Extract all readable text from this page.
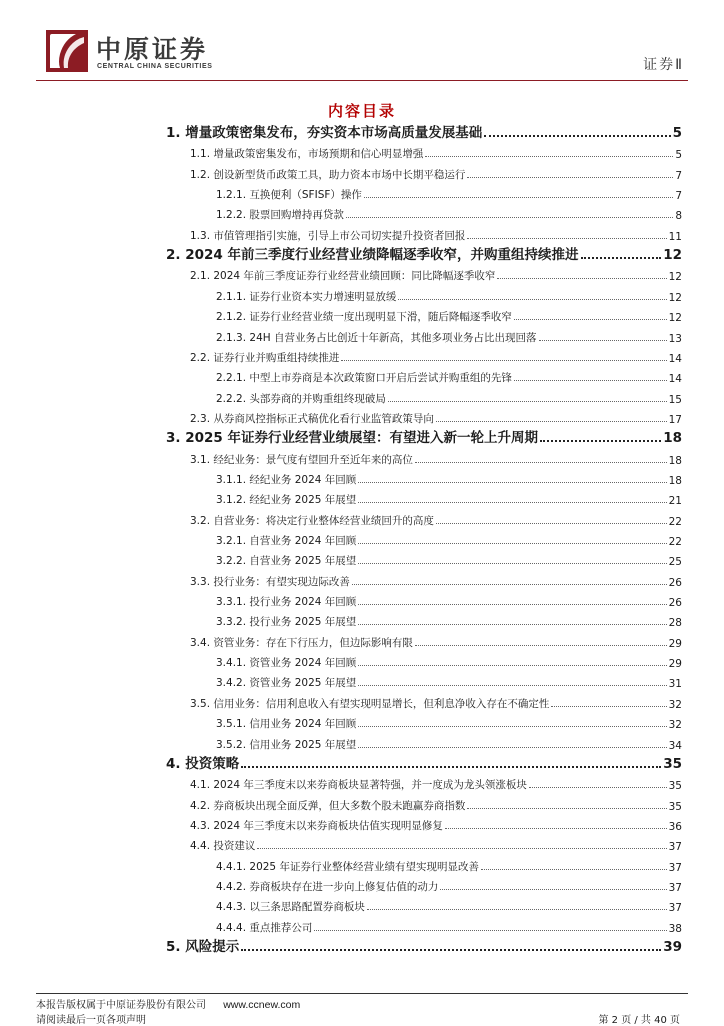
中原证券
CENTRAL CHINA SECURITIES	证券Ⅱ
内容目录
1. 增量政策密集发布，夯实资本市场高质量发展基础	5
1.1. 增量政策密集发布，市场预期和信心明显增强	5
1.2. 创设新型货币政策工具，助力资本市场中长期平稳运行	7
1.2.1. 互换便利（SFISF）操作	7
1.2.2. 股票回购增持再贷款	8
1.3. 市值管理指引实施，引导上市公司切实提升投资者回报	11
2. 2024 年前三季度行业经营业绩降幅逐季收窄，并购重组持续推进	12
2.1. 2024 年前三季度证券行业经营业绩回顾：同比降幅逐季收窄	12
2.1.1. 证券行业资本实力增速明显放缓	12
2.1.2. 证券行业经营业绩一度出现明显下滑，随后降幅逐季收窄	12
2.1.3. 24H 自营业务占比创近十年新高，其他多项业务占比出现回落	13
2.2. 证券行业并购重组持续推进	14
2.2.1. 中型上市券商是本次政策窗口开启后尝试并购重组的先锋	14
2.2.2. 头部券商的并购重组终现破局	15
2.3. 从券商风控指标正式稿优化看行业监管政策导向	17
3. 2025 年证券行业经营业绩展望：有望进入新一轮上升周期	18
3.1. 经纪业务：景气度有望回升至近年来的高位	18
3.1.1. 经纪业务 2024 年回顾	18
3.1.2. 经纪业务 2025 年展望	21
3.2. 自营业务：将决定行业整体经营业绩回升的高度	22
3.2.1. 自营业务 2024 年回顾	22
3.2.2. 自营业务 2025 年展望	25
3.3. 投行业务：有望实现边际改善	26
3.3.1. 投行业务 2024 年回顾	26
3.3.2. 投行业务 2025 年展望	28
3.4. 资管业务：存在下行压力，但边际影响有限	29
3.4.1. 资管业务 2024 年回顾	29
3.4.2. 资管业务 2025 年展望	31
3.5. 信用业务：信用利息收入有望实现明显增长，但利息净收入存在不确定性	32
3.5.1. 信用业务 2024 年回顾	32
3.5.2. 信用业务 2025 年展望	34
4. 投资策略	35
4.1. 2024 年三季度末以来券商板块显著特强，并一度成为龙头领涨板块	35
4.2. 券商板块出现全面反弹，但大多数个股未跑赢券商指数	35
4.3. 2024 年三季度末以来券商板块估值实现明显修复	36
4.4. 投资建议	37
4.4.1. 2025 年证券行业整体经营业绩有望实现明显改善	37
4.4.2. 券商板块存在进一步向上修复估值的动力	37
4.4.3. 以三条思路配置券商板块	37
4.4.4. 重点推荐公司	38
5. 风险提示	39
本报告版权属于中原证券股份有限公司 www.ccnew.com
请阅读最后一页各项声明	第 2 页 / 共 40 页
